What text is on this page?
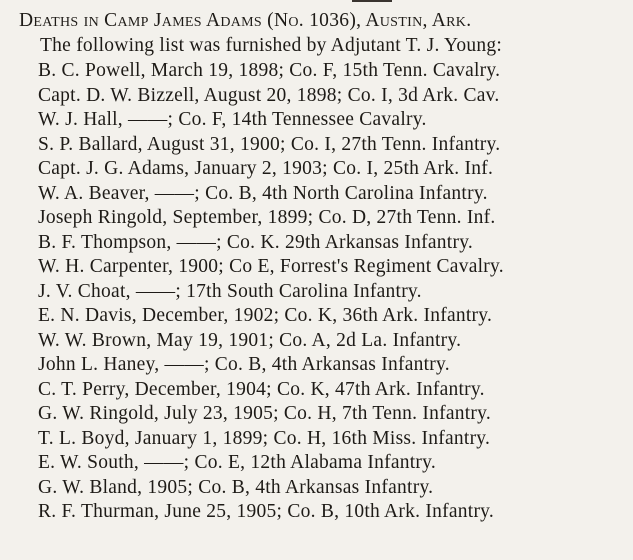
Deaths in Camp James Adams (No. 1036), Austin, Ark.
The following list was furnished by Adjutant T. J. Young:
B. C. Powell, March 19, 1898; Co. F, 15th Tenn. Cavalry.
Capt. D. W. Bizzell, August 20, 1898; Co. I, 3d Ark. Cav.
W. J. Hall, ——; Co. F, 14th Tennessee Cavalry.
S. P. Ballard, August 31, 1900; Co. I, 27th Tenn. Infantry.
Capt. J. G. Adams, January 2, 1903; Co. I, 25th Ark. Inf.
W. A. Beaver, ——; Co. B, 4th North Carolina Infantry.
Joseph Ringold, September, 1899; Co. D, 27th Tenn. Inf.
B. F. Thompson, ——; Co. K. 29th Arkansas Infantry.
W. H. Carpenter, 1900; Co E, Forrest's Regiment Cavalry.
J. V. Choat, ——; 17th South Carolina Infantry.
E. N. Davis, December, 1902; Co. K, 36th Ark. Infantry.
W. W. Brown, May 19, 1901; Co. A, 2d La. Infantry.
John L. Haney, ——; Co. B, 4th Arkansas Infantry.
C. T. Perry, December, 1904; Co. K, 47th Ark. Infantry.
G. W. Ringold, July 23, 1905; Co. H, 7th Tenn. Infantry.
T. L. Boyd, January 1, 1899; Co. H, 16th Miss. Infantry.
E. W. South, ——; Co. E, 12th Alabama Infantry.
G. W. Bland, 1905; Co. B, 4th Arkansas Infantry.
R. F. Thurman, June 25, 1905; Co. B, 10th Ark. Infantry.
